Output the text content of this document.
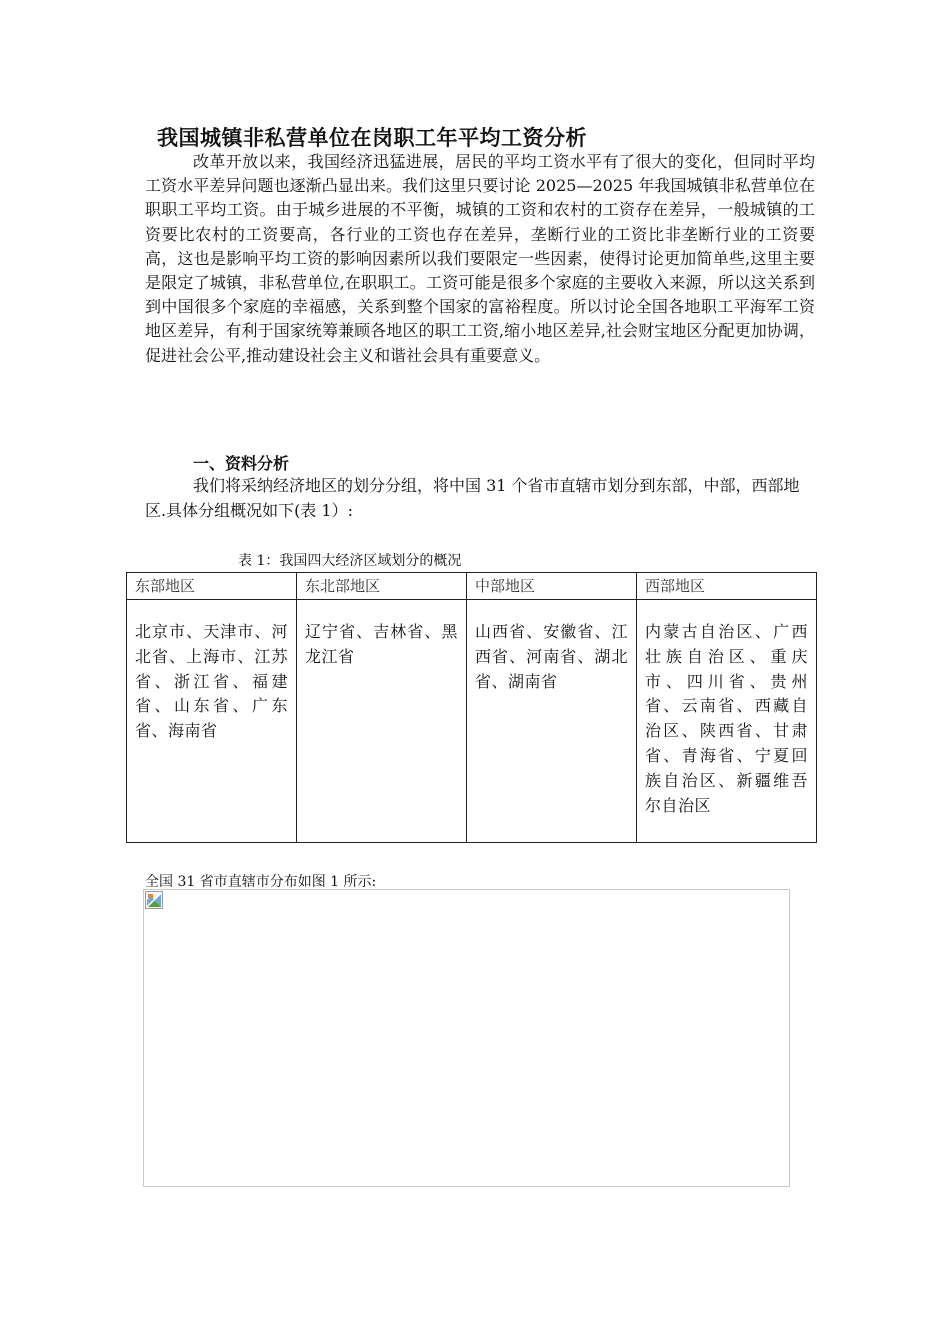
我国城镇非私营单位在岗职工年平均工资分析

改革开放以来，我国经济迅猛进展，居民的平均工资水平有了很大的变化，但同时平均工资水平差异问题也逐渐凸显出来。我们这里只要讨论 2025—2025 年我国城镇非私营单位在职职工平均工资。由于城乡进展的不平衡，城镇的工资和农村的工资存在差异，一般城镇的工资要比农村的工资要高，各行业的工资也存在差异，垄断行业的工资比非垄断行业的工资要高，这也是影响平均工资的影响因素所以我们要限定一些因素，使得讨论更加简单些,这里主要是限定了城镇，非私营单位,在职职工。工资可能是很多个家庭的主要收入来源，所以这关系到到中国很多个家庭的幸福感，关系到整个国家的富裕程度。所以讨论全国各地职工平海军工资地区差异，有利于国家统筹兼顾各地区的职工工资,缩小地区差异,社会财宝地区分配更加协调，促进社会公平,推动建设社会主义和谐社会具有重要意义。

一、资料分析

我们将采纳经济地区的划分分组，将中国 31 个省市直辖市划分到东部，中部，西部地区.具体分组概况如下(表 1）:

表 1：我国四大经济区域划分的概况
东部地区	东北部地区	中部地区	西部地区
北京市、天津市、河北省、上海市、江苏省、浙江省、福建省、山东省、广东省、海南省	辽宁省、吉林省、黑龙江省	山西省、安徽省、江西省、河南省、湖北省、湖南省	内蒙古自治区、广西壮族自治区、重庆市、四川省、贵州省、云南省、西藏自治区、陕西省、甘肃省、青海省、宁夏回族自治区、新疆维吾尔自治区
全国 31 省市直辖市分布如图 1 所示:
